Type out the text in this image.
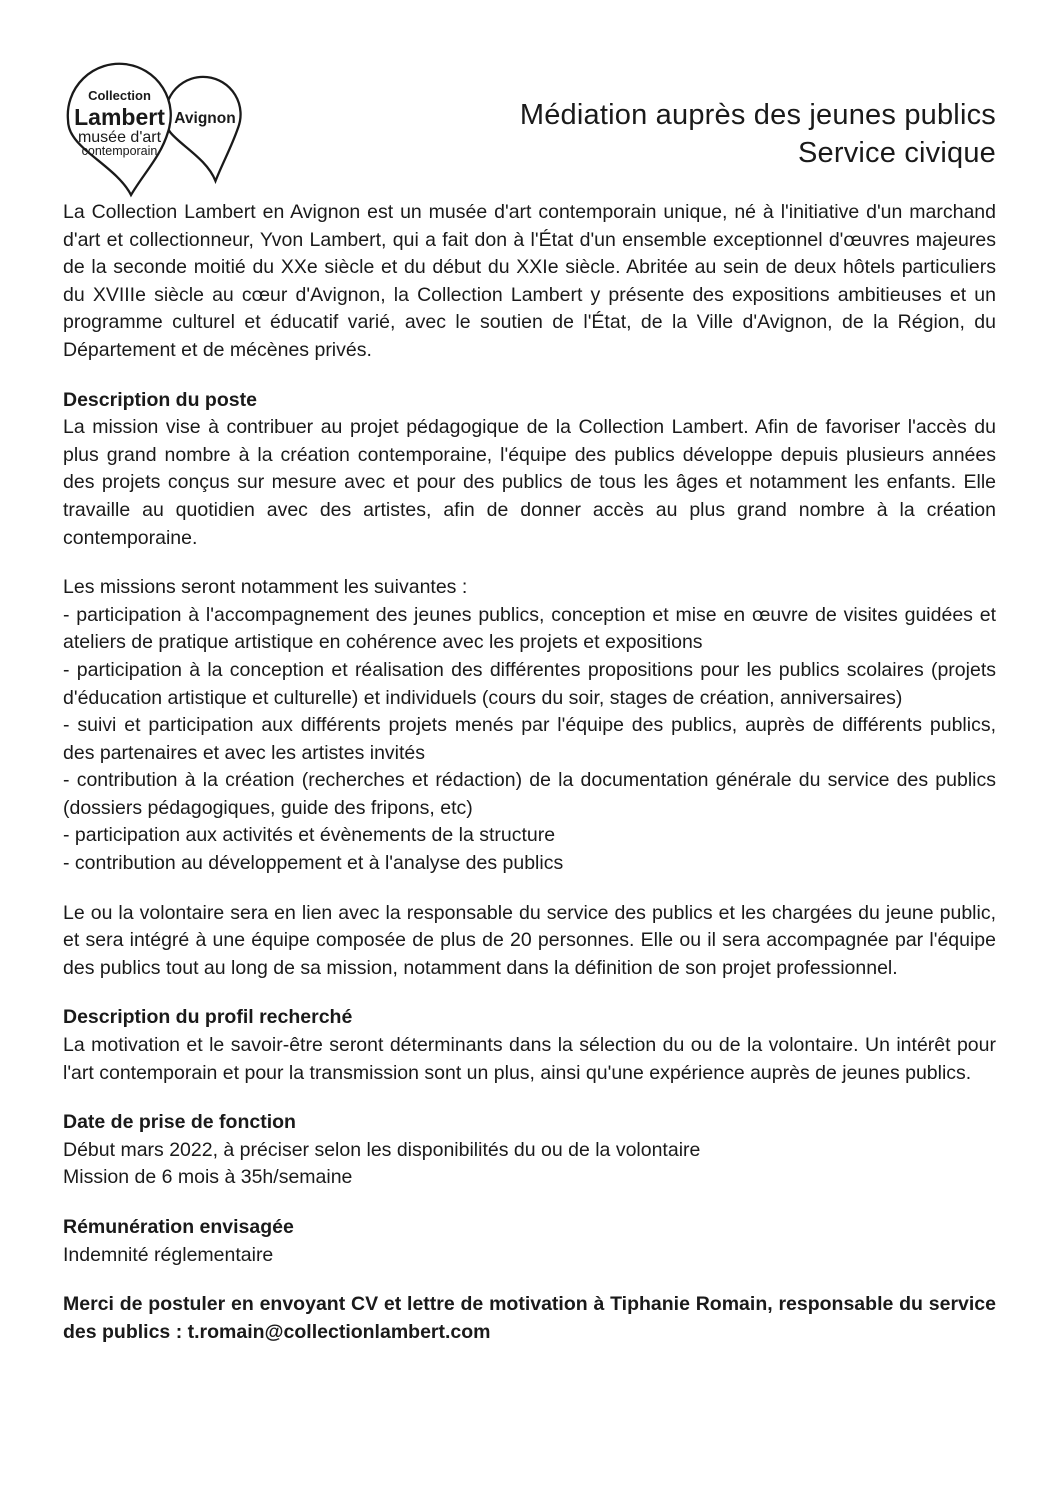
Collection
Lambert
musée d'art
contemporain
Avignon	Médiation auprès des jeunes publics
Service civique

La Collection Lambert en Avignon est un musée d'art contemporain unique, né à l'initiative d'un marchand d'art et collectionneur, Yvon Lambert, qui a fait don à l'État d'un ensemble exceptionnel d'œuvres majeures de la seconde moitié du XXe siècle et du début du XXIe siècle. Abritée au sein de deux hôtels particuliers du XVIIIe siècle au cœur d'Avignon, la Collection Lambert y présente des expositions ambitieuses et un programme culturel et éducatif varié, avec le soutien de l'État, de la Ville d'Avignon, de la Région, du Département et de mécènes privés.

Description du poste

La mission vise à contribuer au projet pédagogique de la Collection Lambert. Afin de favoriser l'accès du plus grand nombre à la création contemporaine, l'équipe des publics développe depuis plusieurs années des projets conçus sur mesure avec et pour des publics de tous les âges et notamment les enfants. Elle travaille au quotidien avec des artistes, afin de donner accès au plus grand nombre à la création contemporaine.

Les missions seront notamment les suivantes :

- participation à l'accompagnement des jeunes publics, conception et mise en œuvre de visites guidées et ateliers de pratique artistique en cohérence avec les projets et expositions

- participation à la conception et réalisation des différentes propositions pour les publics scolaires (projets d'éducation artistique et culturelle) et individuels (cours du soir, stages de création, anniversaires)

- suivi et participation aux différents projets menés par l'équipe des publics, auprès de différents publics, des partenaires et avec les artistes invités

- contribution à la création (recherches et rédaction) de la documentation générale du service des publics (dossiers pédagogiques, guide des fripons, etc)

- participation aux activités et évènements de la structure

- contribution au développement et à l'analyse des publics

Le ou la volontaire sera en lien avec la responsable du service des publics et les chargées du jeune public, et sera intégré à une équipe composée de plus de 20 personnes. Elle ou il sera accompagnée par l'équipe des publics tout au long de sa mission, notamment dans la définition de son projet professionnel.

Description du profil recherché

La motivation et le savoir-être seront déterminants dans la sélection du ou de la volontaire. Un intérêt pour l'art contemporain et pour la transmission sont un plus, ainsi qu'une expérience auprès de jeunes publics.

Date de prise de fonction

Début mars 2022, à préciser selon les disponibilités du ou de la volontaire

Mission de 6 mois à 35h/semaine

Rémunération envisagée

Indemnité réglementaire

Merci de postuler en envoyant CV et lettre de motivation à Tiphanie Romain, responsable du service des publics : t.romain@collectionlambert.com
